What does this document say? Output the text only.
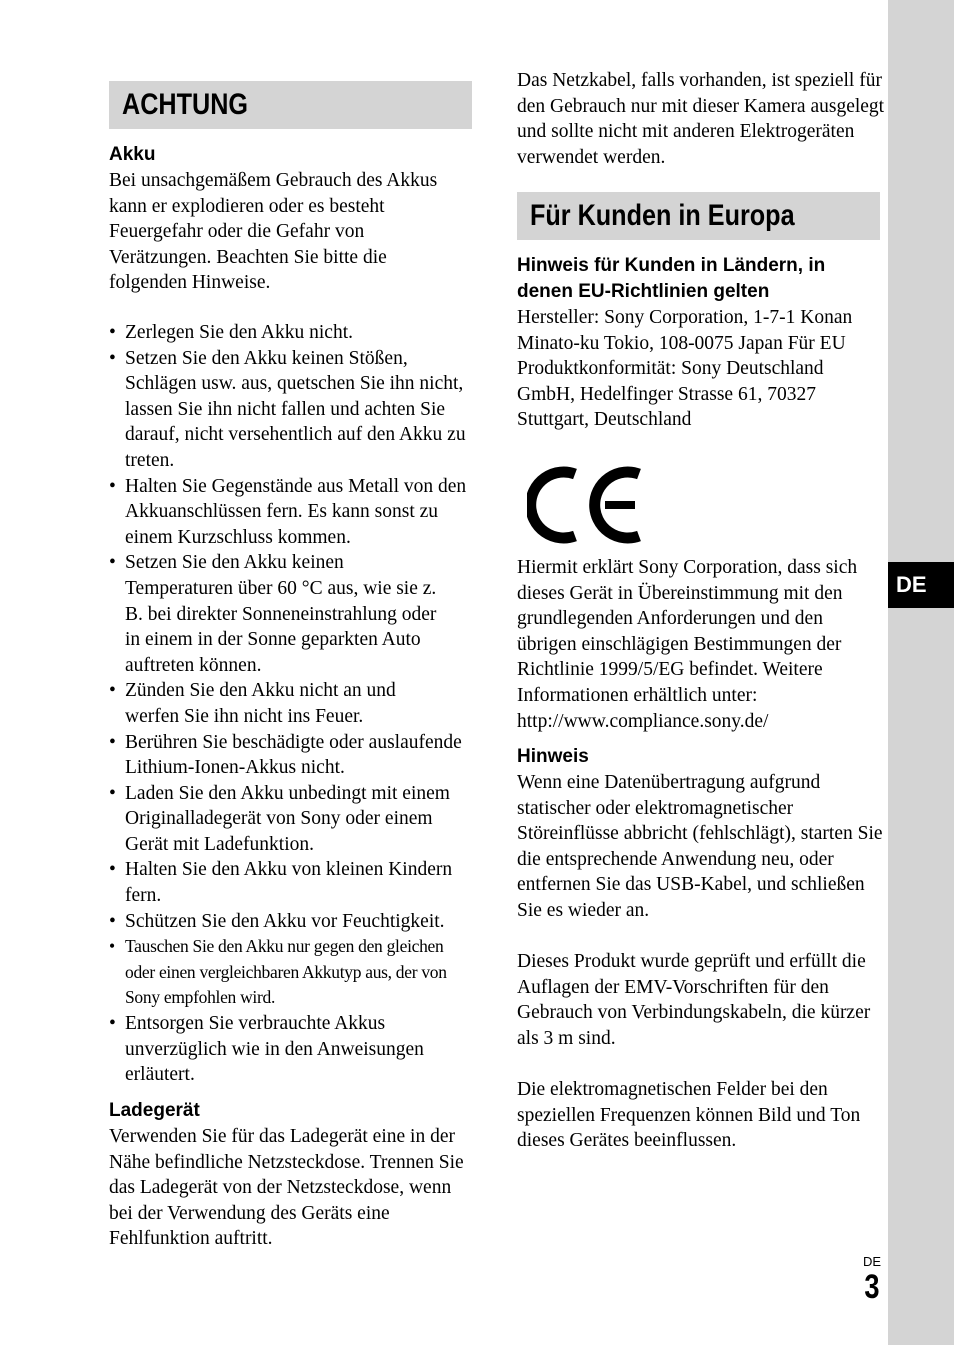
DE
ACHTUNG

Akku

Bei unsachgemäßem Gebrauch des Akkus kann er explodieren oder es besteht Feuergefahr oder die Gefahr von Verätzungen. Beachten Sie bitte die folgenden Hinweise.

• Zerlegen Sie den Akku nicht.
• Setzen Sie den Akku keinen Stößen, Schlägen usw. aus, quetschen Sie ihn nicht, lassen Sie ihn nicht fallen und achten Sie darauf, nicht versehentlich auf den Akku zu treten.
• Halten Sie Gegenstände aus Metall von den Akkuanschlüssen fern. Es kann sonst zu einem Kurzschluss kommen.
• Setzen Sie den Akku keinen Temperaturen über 60 °C aus, wie sie z. B. bei direkter Sonneneinstrahlung oder in einem in der Sonne geparkten Auto auftreten können.
• Zünden Sie den Akku nicht an und werfen Sie ihn nicht ins Feuer.
• Berühren Sie beschädigte oder auslaufende Lithium-Ionen-Akkus nicht.
• Laden Sie den Akku unbedingt mit einem Originalladegerät von Sony oder einem Gerät mit Ladefunktion.
• Halten Sie den Akku von kleinen Kindern fern.
• Schützen Sie den Akku vor Feuchtigkeit.
• Tauschen Sie den Akku nur gegen den gleichen oder einen vergleichbaren Akkutyp aus, der von Sony empfohlen wird.
• Entsorgen Sie verbrauchte Akkus unverzüglich wie in den Anweisungen erläutert.

Ladegerät

Verwenden Sie für das Ladegerät eine in der Nähe befindliche Netzsteckdose. Trennen Sie das Ladegerät von der Netzsteckdose, wenn bei der Verwendung des Geräts eine Fehlfunktion auftritt.

Das Netzkabel, falls vorhanden, ist speziell für den Gebrauch nur mit dieser Kamera ausgelegt und sollte nicht mit anderen Elektrogeräten verwendet werden.

Für Kunden in Europa

Hinweis für Kunden in Ländern, in denen EU-Richtlinien gelten

Hersteller: Sony Corporation, 1-7-1 Konan Minato-ku Tokio, 108-0075 Japan Für EU Produktkonformität: Sony Deutschland GmbH, Hedelfinger Strasse 61, 70327 Stuttgart, Deutschland

Hiermit erklärt Sony Corporation, dass sich dieses Gerät in Übereinstimmung mit den grundlegenden Anforderungen und den übrigen einschlägigen Bestimmungen der Richtlinie 1999/5/EG befindet. Weitere Informationen erhältlich unter: http://www.compliance.sony.de/

Hinweis

Wenn eine Datenübertragung aufgrund statischer oder elektromagnetischer Störeinflüsse abbricht (fehlschlägt), starten Sie die entsprechende Anwendung neu, oder entfernen Sie das USB-Kabel, und schließen Sie es wieder an.

Dieses Produkt wurde geprüft und erfüllt die Auflagen der EMV-Vorschriften für den Gebrauch von Verbindungskabeln, die kürzer als 3 m sind.

Die elektromagnetischen Felder bei den speziellen Frequenzen können Bild und Ton dieses Gerätes beeinflussen.

DE
3
